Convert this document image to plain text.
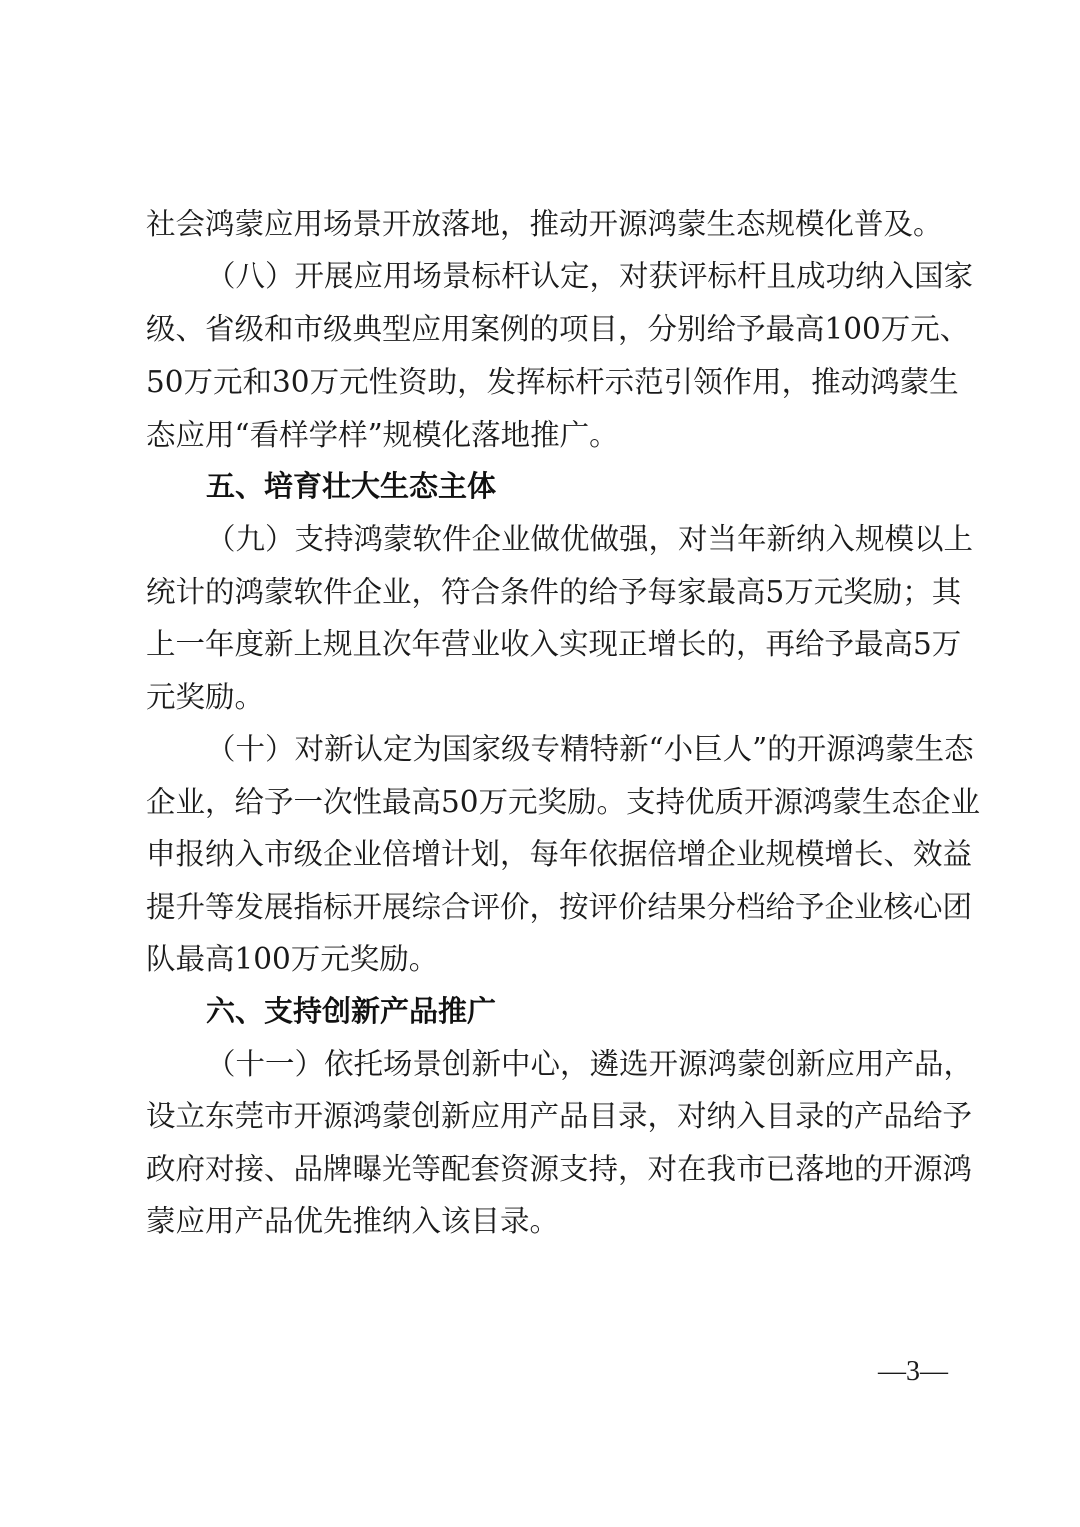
社会鸿蒙应用场景开放落地，推动开源鸿蒙生态规模化普及。
（八）开展应用场景标杆认定，对获评标杆且成功纳入国家
级、省级和市级典型应用案例的项目，分别给予最高100万元、
50万元和30万元性资助，发挥标杆示范引领作用，推动鸿蒙生
态应用“看样学样”规模化落地推广。
五、培育壮大生态主体
（九）支持鸿蒙软件企业做优做强，对当年新纳入规模以上
统计的鸿蒙软件企业，符合条件的给予每家最高5万元奖励；其
上一年度新上规且次年营业收入实现正增长的，再给予最高5万
元奖励。
（十）对新认定为国家级专精特新“小巨人”的开源鸿蒙生态
企业，给予一次性最高50万元奖励。支持优质开源鸿蒙生态企业
申报纳入市级企业倍增计划，每年依据倍增企业规模增长、效益
提升等发展指标开展综合评价，按评价结果分档给予企业核心团
队最高100万元奖励。
六、支持创新产品推广
（十一）依托场景创新中心，遴选开源鸿蒙创新应用产品，
设立东莞市开源鸿蒙创新应用产品目录，对纳入目录的产品给予
政府对接、品牌曝光等配套资源支持，对在我市已落地的开源鸿
蒙应用产品优先推纳入该目录。
—3—
